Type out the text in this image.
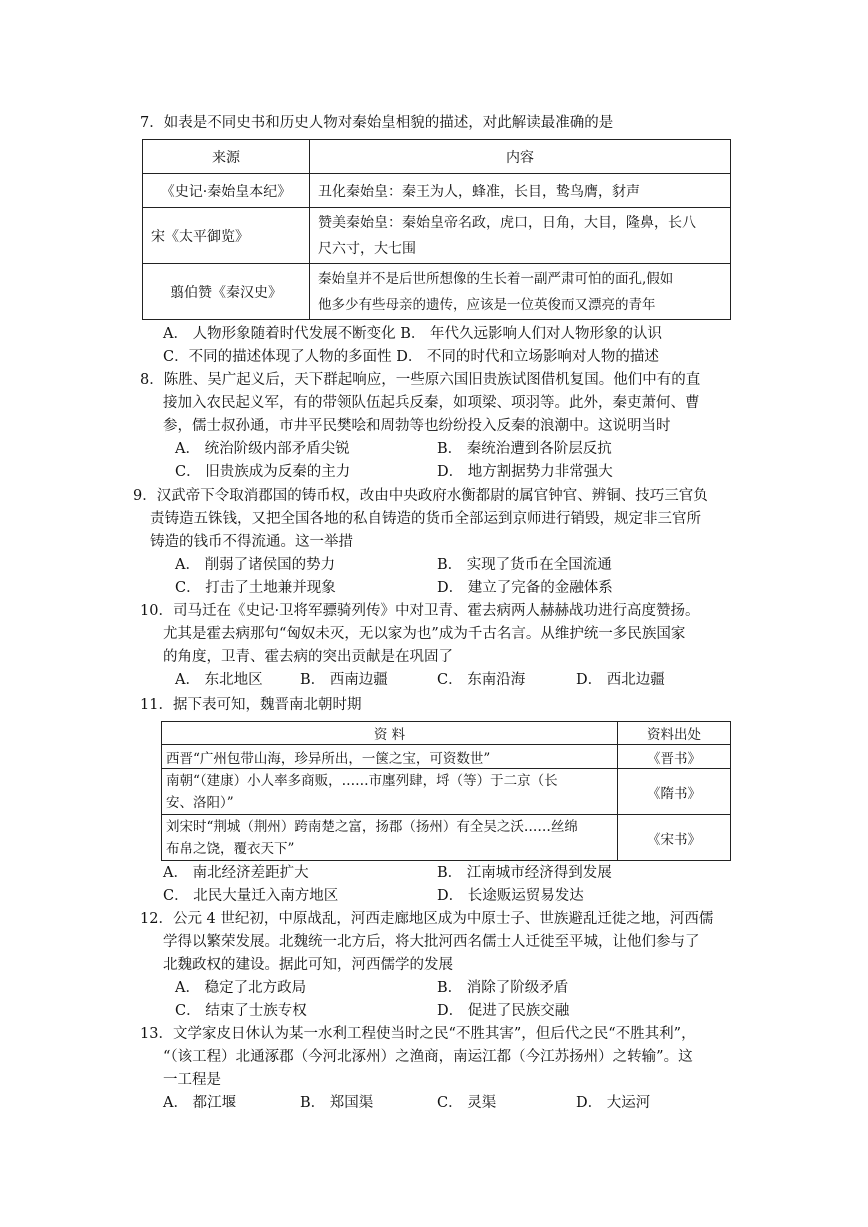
7．如表是不同史书和历史人物对秦始皇相貌的描述，对此解读最准确的是
来源	内容
《史记·秦始皇本纪》	丑化秦始皇：秦王为人，蜂准，长目，鸷鸟膺，豺声
宋《太平御览》	赞美秦始皇：秦始皇帝名政，虎口，日角，大目，隆鼻，长八
尺六寸，大七围

翦伯赞《秦汉史》	秦始皇并不是后世所想像的生长着一副严肃可怕的面孔,假如
他多少有些母亲的遗传，应该是一位英俊而又漂亮的青年
A． 人物形象随着时代发展不断变化 B． 年代久远影响人们对人物形象的认识
C．不同的描述体现了人物的多面性 D． 不同的时代和立场影响对人物的描述
8．陈胜、吴广起义后，天下群起响应，一些原六国旧贵族试图借机复国。他们中有的直
接加入农民起义军，有的带领队伍起兵反秦，如项梁、项羽等。此外，秦吏萧何、曹
参，儒士叔孙通，市井平民樊哙和周勃等也纷纷投入反秦的浪潮中。这说明当时
A． 统治阶级内部矛盾尖锐	B． 秦统治遭到各阶层反抗
C． 旧贵族成为反秦的主力	D． 地方割据势力非常强大
9．汉武帝下令取消郡国的铸币权，改由中央政府水衡都尉的属官钟官、辨铜、技巧三官负
责铸造五铢钱，又把全国各地的私自铸造的货币全部运到京师进行销毁，规定非三官所
铸造的钱币不得流通。这一举措
A． 削弱了诸侯国的势力	B． 实现了货币在全国流通
C． 打击了土地兼并现象	D． 建立了完备的金融体系
10．司马迁在《史记·卫将军骠骑列传》中对卫青、霍去病两人赫赫战功进行高度赞扬。
尤其是霍去病那句“匈奴未灭，无以家为也”成为千古名言。从维护统一多民族国家
的角度，卫青、霍去病的突出贡献是在巩固了
A． 东北地区	B． 西南边疆	C． 东南沿海	D． 西北边疆
11．据下表可知，魏晋南北朝时期
资 料	资料出处
西晋“广州包带山海，珍异所出，一箧之宝，可资数世”	《晋书》

南朝“（建康）小人率多商贩，……市廛列肆，埒（等）于二京（长
安、洛阳）”	《隋书》

刘宋时“荆城（荆州）跨南楚之富，扬郡（扬州）有全吴之沃……丝绵
布帛之饶，覆衣天下”	《宋书》
A． 南北经济差距扩大	B． 江南城市经济得到发展
C． 北民大量迁入南方地区	D． 长途贩运贸易发达
12．公元 4 世纪初，中原战乱，河西走廊地区成为中原士子、世族避乱迁徙之地，河西儒
学得以繁荣发展。北魏统一北方后，将大批河西名儒士人迁徙至平城，让他们参与了
北魏政权的建设。据此可知，河西儒学的发展
A． 稳定了北方政局	B． 消除了阶级矛盾
C． 结束了士族专权	D． 促进了民族交融
13．文学家皮日休认为某一水利工程使当时之民“不胜其害”，但后代之民“不胜其利”，
“（该工程）北通涿郡（今河北涿州）之渔商，南运江都（今江苏扬州）之转输”。这
一工程是
A． 都江堰	B． 郑国渠	C． 灵渠	D． 大运河
